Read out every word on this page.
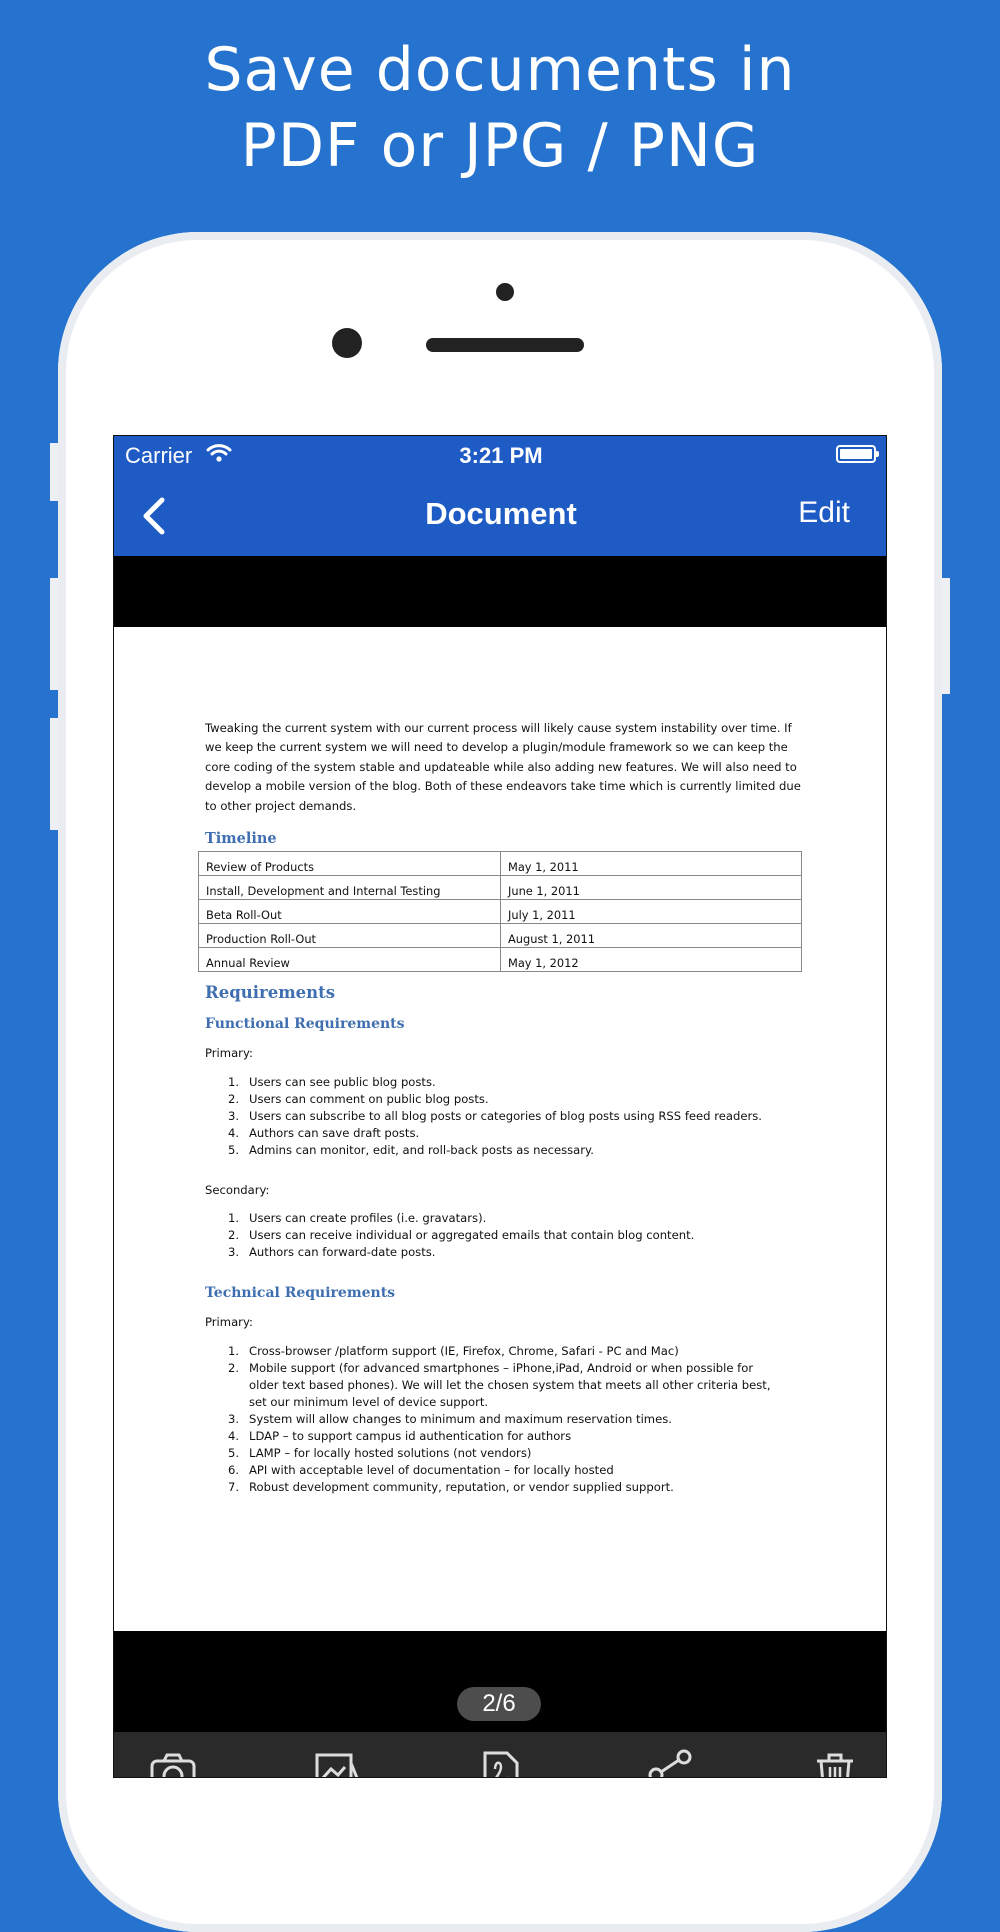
Save documents in
PDF or JPG / PNG
Carrier	3:21 PM
Document	Edit
Tweaking the current system with our current process will likely cause system instability over time. If we keep the current system we will need to develop a plugin/module framework so we can keep the core coding of the system stable and updateable while also adding new features. We will also need to develop a mobile version of the blog. Both of these endeavors take time which is currently limited due to other project demands.
Timeline
Review of Products	May 1, 2011
Install, Development and Internal Testing	June 1, 2011
Beta Roll-Out	July 1, 2011
Production Roll-Out	August 1, 2011
Annual Review	May 1, 2012
Requirements
Functional Requirements
Primary:
1. Users can see public blog posts.
2. Users can comment on public blog posts.
3. Users can subscribe to all blog posts or categories of blog posts using RSS feed readers.
4. Authors can save draft posts.
5. Admins can monitor, edit, and roll-back posts as necessary.
Secondary:
1. Users can create profiles (i.e. gravatars).
2. Users can receive individual or aggregated emails that contain blog content.
3. Authors can forward-date posts.
Technical Requirements
Primary:
1. Cross-browser /platform support (IE, Firefox, Chrome, Safari - PC and Mac)
2. Mobile support (for advanced smartphones – iPhone,iPad, Android or when possible for older text based phones). We will let the chosen system that meets all other criteria best, set our minimum level of device support.
3. System will allow changes to minimum and maximum reservation times.
4. LDAP – to support campus id authentication for authors
5. LAMP – for locally hosted solutions (not vendors)
6. API with acceptable level of documentation – for locally hosted
7. Robust development community, reputation, or vendor supplied support.
2/6
